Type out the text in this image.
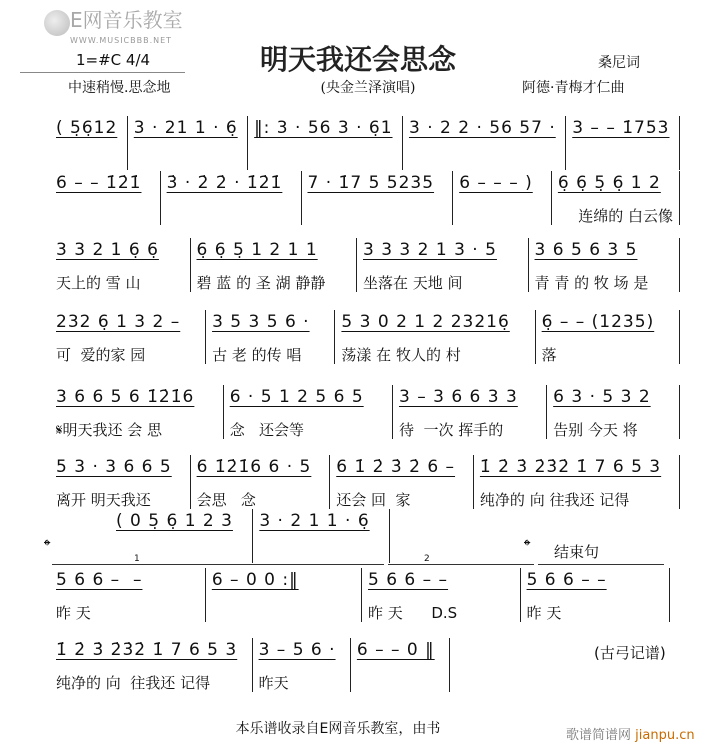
E网音乐教室
WWW.MUSICBBB.NET
1=#C 4/4
中速稍慢.思念地
明天我还会思念
(央金兰泽演唱)
桑尼词
阿德·青梅才仁曲
( 5̣6̣12 3 · 21 1 · 6̣ ‖: 3 · 56 3 · 6̣1 3 · 2 2 · 56 57 · 3 – – 1̇753
6 – – 1̇2̇1̇	3̇ · 2̇ 2̇ · 1̇2̇1̇	7 · 1̇7 5 5235	6 – – – )	6̣ 6̣ 5̣ 6̣ 1 2
连绵的 白云像
3 3 2 1 6̣ 6̣
天上的 雪 山
6̣ 6̣ 5̣ 1 2 1 1
碧 蓝 的 圣 湖 静静
3 3 3 2 1 3 · 5
坐落在 天地 间
3 6 5 6 3 5
青 青 的 牧 场 是
232 6̣ 1 3 2 –
可  爱的家 园
3 5 3 5 6 ·
古 老 的传 唱
5 3 0 2 1 2 23216̣
荡漾 在 牧人的 村
6̣ – – (1235)
落
3 6 6 5 6 1̇2̇1̇6
𝄋明天我还 会 思
6 · 5 1 2 5 6 5
念   还会等
3 – 3 6 6 3 3
待  一次 挥手的
6 3 · 5 3 2
告别 今天 将
5 3 · 3 6 6 5
离开 明天我还
6 1̇2̇1̇6 6 · 5
会思   念
6 1̇ 2̇ 3̇ 2̇ 6 –
还会 回  家
1̇ 2̇ 3̇ 2̇3̇2̇ 1̇ 7 6 5 3
纯净的 向 往我还 记得
( 0 5̣ 6̣ 1 2 3	3 · 2 1 1 · 6̣
5 6 6 –  –
昨 天
6 – 0 0 :‖	5 6 6 – –
昨 天      D.S
5 6 6 – –
昨 天
1̇ 2̇ 3̇ 2̇3̇2̇ 1̇ 7 6 5 3
纯净的 向  往我还 记得
3 – 5 6 ·
昨天
6 – – 0 ‖
𝄌	𝄌 结束句
1	2
(古弓记谱)
本乐谱收录自E网音乐教室，由书	歌谱简谱网 jianpu.cn
